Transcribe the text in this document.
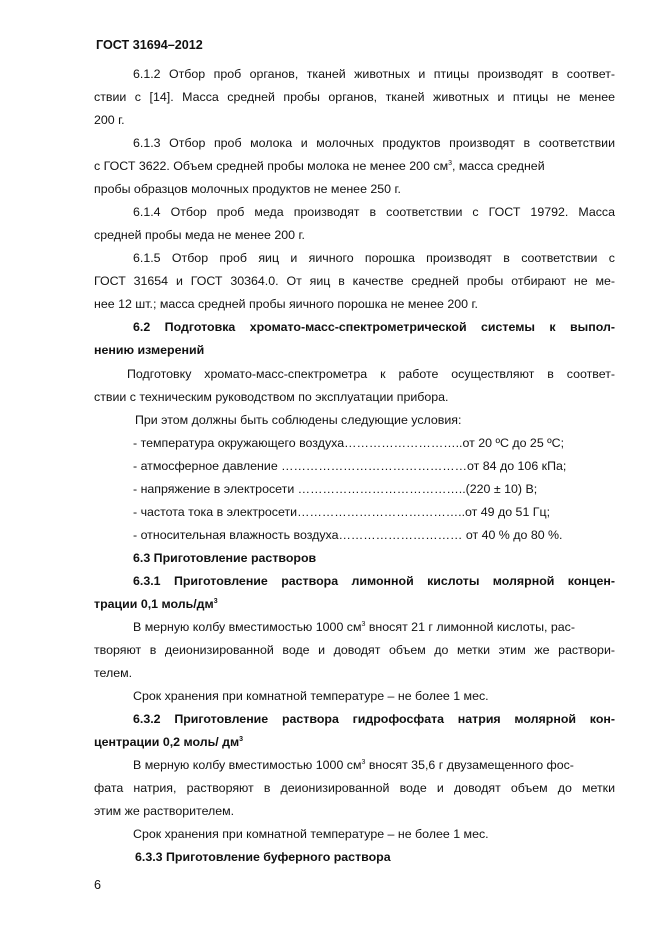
ГОСТ 31694–2012
6.1.2 Отбор проб органов, тканей животных и птицы производят в соответ-
ствии с [14]. Масса средней пробы органов, тканей животных и птицы не менее
200 г.
6.1.3 Отбор проб молока и молочных продуктов производят в соответствии
с ГОСТ 3622. Объем средней пробы молока не менее 200 $см^3$, масса средней
пробы образцов молочных продуктов не менее 250 г.
6.1.4 Отбор проб меда производят в соответствии с ГОСТ 19792. Масса
средней пробы меда не менее 200 г.
6.1.5 Отбор проб яиц и яичного порошка производят в соответствии с
ГОСТ 31654 и ГОСТ 30364.0. От яиц в качестве средней пробы отбирают не ме-
нее 12 шт.; масса средней пробы яичного порошка не менее 200 г.
6.2 Подготовка хромато-масс-спектрометрической системы к выпол-
нению измерений
Подготовку хромато-масс-спектрометра к работе осуществляют в соответ-
ствии с техническим руководством по эксплуатации прибора.
При этом должны быть соблюдены следующие условия:
- температура окружающего воздуха………………………..от 20 ºС до 25 ºС;
- атмосферное давление ………………………………………от 84 до 106 кПа;
- напряжение в электросети …………………………………..(220 ± 10) В;
- частота тока в электросети…………………………………..от 49 до 51 Гц;
- относительная влажность воздуха………………………… от 40 % до 80 %.
6.3 Приготовление растворов
6.3.1 Приготовление раствора лимонной кислоты молярной концен-
трации 0,1 моль/$дм^3$
В мерную колбу вместимостью 1000 $см^3$ вносят 21 г лимонной кислоты, рас-
творяют в деионизированной воде и доводят объем до метки этим же раствори-
телем.
Срок хранения при комнатной температуре – не более 1 мес.
6.3.2 Приготовление раствора гидрофосфата натрия молярной кон-
центрации 0,2 моль/ $дм^3$
В мерную колбу вместимостью 1000 $см^3$ вносят 35,6 г двузамещенного фос-
фата натрия, растворяют в деионизированной воде и доводят объем до метки
этим же растворителем.
Срок хранения при комнатной температуре – не более 1 мес.
6.3.3 Приготовление буферного раствора
6
